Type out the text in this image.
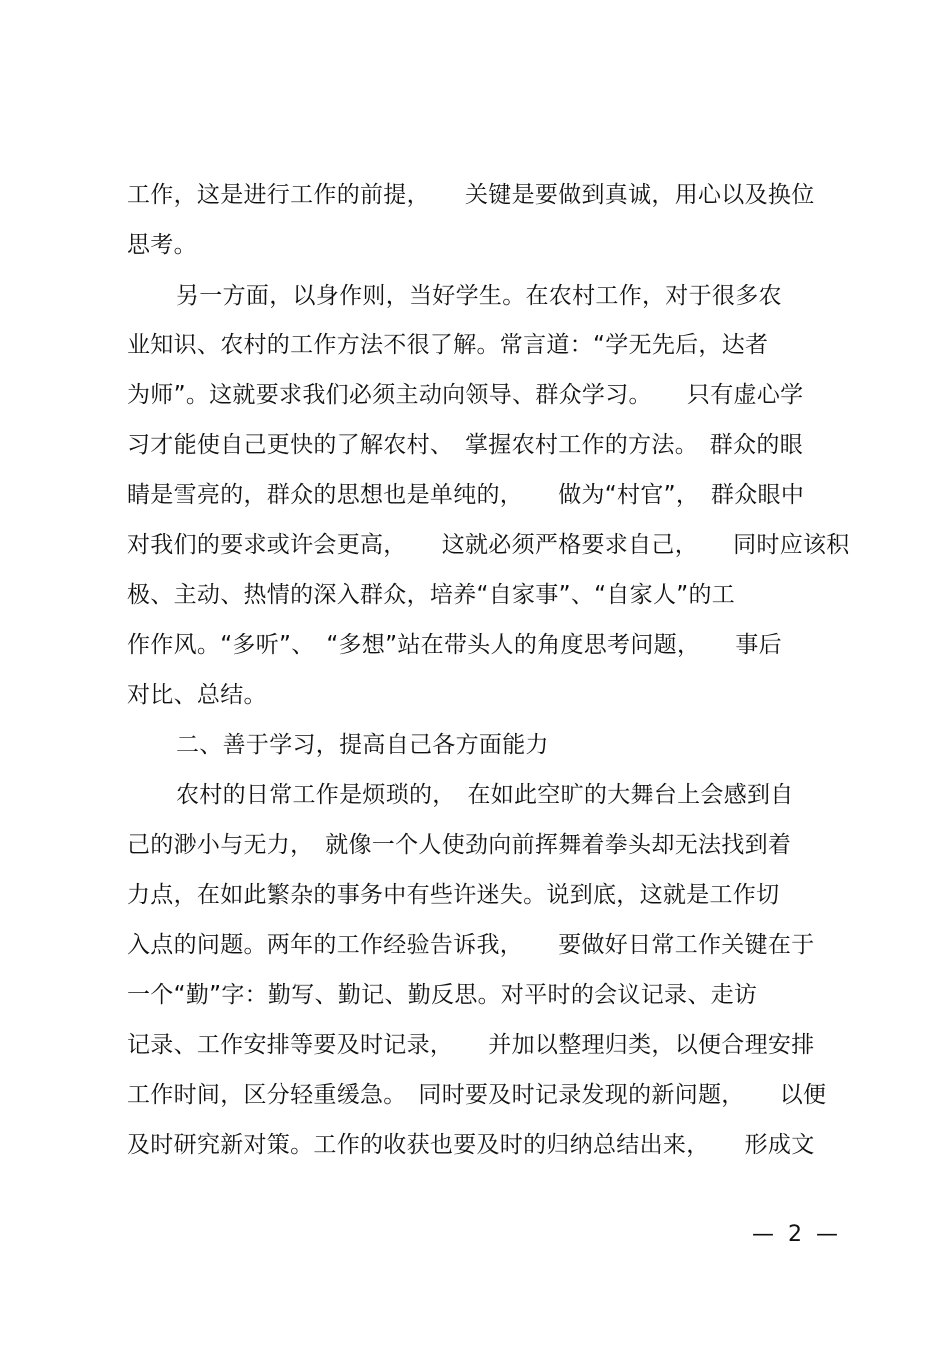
工作，这是进行工作的前提，　　关键是要做到真诚，用心以及换位
思考。
另一方面，以身作则，当好学生。在农村工作，对于很多农
业知识、农村的工作方法不很了解。常言道：“学无先后，达者
为师”。这就要求我们必须主动向领导、群众学习。　　只有虚心学
习才能使自己更快的了解农村、　掌握农村工作的方法。　群众的眼
睛是雪亮的，群众的思想也是单纯的，　　做为“村官”，　群众眼中
对我们的要求或许会更高，　　这就必须严格要求自己，　　同时应该积
极、主动、热情的深入群众，培养“自家事”、“自家人”的工
作作风。“多听”、　“多想”站在带头人的角度思考问题，　　事后
对比、总结。
二、善于学习，提高自己各方面能力
农村的日常工作是烦琐的，　在如此空旷的大舞台上会感到自
己的渺小与无力，　就像一个人使劲向前挥舞着拳头却无法找到着
力点，在如此繁杂的事务中有些许迷失。说到底，这就是工作切
入点的问题。两年的工作经验告诉我，　　要做好日常工作关键在于
一个“勤”字：勤写、勤记、勤反思。对平时的会议记录、走访
记录、工作安排等要及时记录，　　并加以整理归类，以便合理安排
工作时间，区分轻重缓急。　同时要及时记录发现的新问题，　　以便
及时研究新对策。工作的收获也要及时的归纳总结出来，　　形成文
—  2  —
